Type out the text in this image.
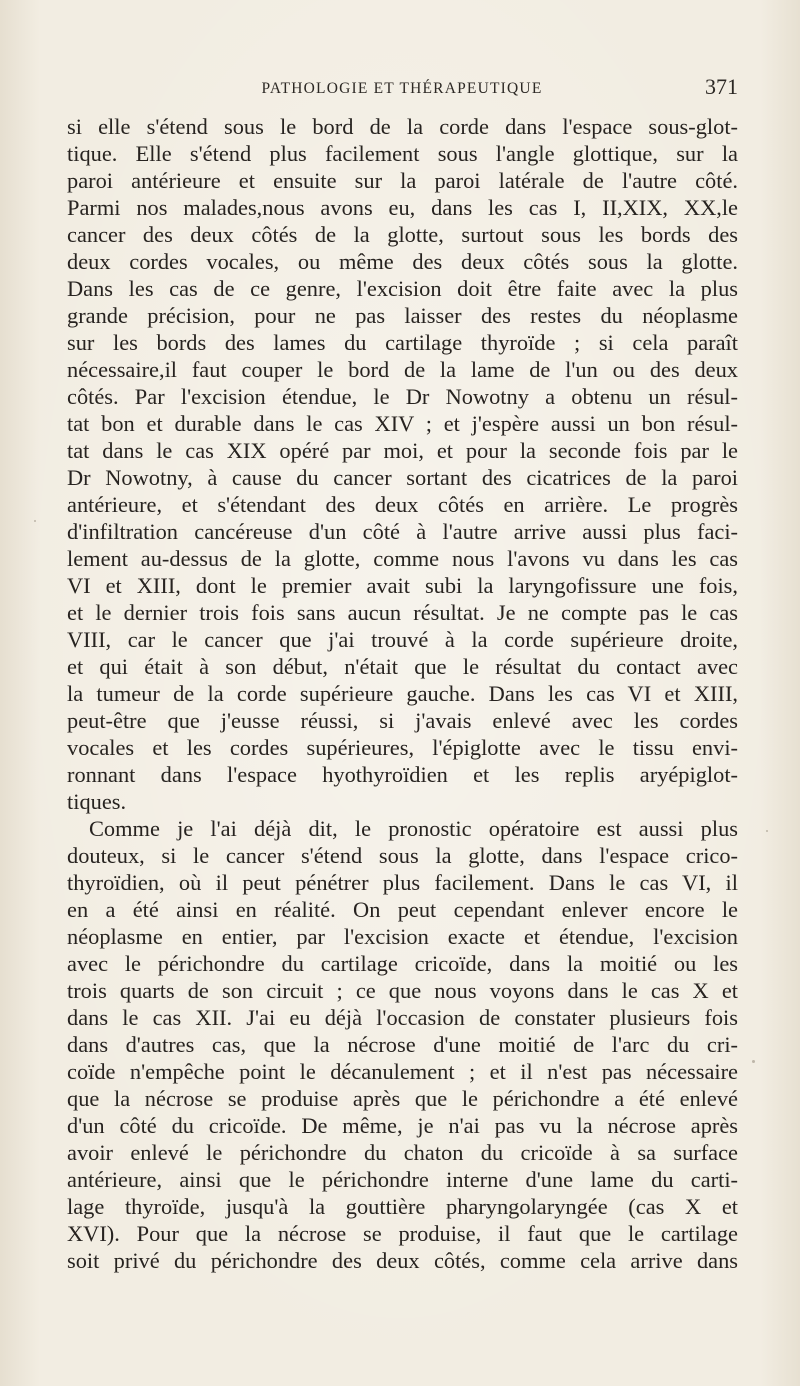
PATHOLOGIE ET THÉRAPEUTIQUE	371
si elle s'étend sous le bord de la corde dans l'espace sous-glot-
tique. Elle s'étend plus facilement sous l'angle glottique, sur la
paroi antérieure et ensuite sur la paroi latérale de l'autre côté.
Parmi nos malades,nous avons eu, dans les cas I, II,XIX, XX,le
cancer des deux côtés de la glotte, surtout sous les bords des
deux cordes vocales, ou même des deux côtés sous la glotte.
Dans les cas de ce genre, l'excision doit être faite avec la plus
grande précision, pour ne pas laisser des restes du néoplasme
sur les bords des lames du cartilage thyroïde ; si cela paraît
nécessaire,il faut couper le bord de la lame de l'un ou des deux
côtés. Par l'excision étendue, le Dr Nowotny a obtenu un résul-
tat bon et durable dans le cas XIV ; et j'espère aussi un bon résul-
tat dans le cas XIX opéré par moi, et pour la seconde fois par le
Dr Nowotny, à cause du cancer sortant des cicatrices de la paroi
antérieure, et s'étendant des deux côtés en arrière. Le progrès
d'infiltration cancéreuse d'un côté à l'autre arrive aussi plus faci-
lement au-dessus de la glotte, comme nous l'avons vu dans les cas
VI et XIII, dont le premier avait subi la laryngofissure une fois,
et le dernier trois fois sans aucun résultat. Je ne compte pas le cas
VIII, car le cancer que j'ai trouvé à la corde supérieure droite,
et qui était à son début, n'était que le résultat du contact avec
la tumeur de la corde supérieure gauche. Dans les cas VI et XIII,
peut-être que j'eusse réussi, si j'avais enlevé avec les cordes
vocales et les cordes supérieures, l'épiglotte avec le tissu envi-
ronnant dans l'espace hyothyroïdien et les replis aryépiglot-
tiques.
Comme je l'ai déjà dit, le pronostic opératoire est aussi plus
douteux, si le cancer s'étend sous la glotte, dans l'espace crico-
thyroïdien, où il peut pénétrer plus facilement. Dans le cas VI, il
en a été ainsi en réalité. On peut cependant enlever encore le
néoplasme en entier, par l'excision exacte et étendue, l'excision
avec le périchondre du cartilage cricoïde, dans la moitié ou les
trois quarts de son circuit ; ce que nous voyons dans le cas X et
dans le cas XII. J'ai eu déjà l'occasion de constater plusieurs fois
dans d'autres cas, que la nécrose d'une moitié de l'arc du cri-
coïde n'empêche point le décanulement ; et il n'est pas nécessaire
que la nécrose se produise après que le périchondre a été enlevé
d'un côté du cricoïde. De même, je n'ai pas vu la nécrose après
avoir enlevé le périchondre du chaton du cricoïde à sa surface
antérieure, ainsi que le périchondre interne d'une lame du carti-
lage thyroïde, jusqu'à la gouttière pharyngolaryngée (cas X et
XVI). Pour que la nécrose se produise, il faut que le cartilage
soit privé du périchondre des deux côtés, comme cela arrive dans
